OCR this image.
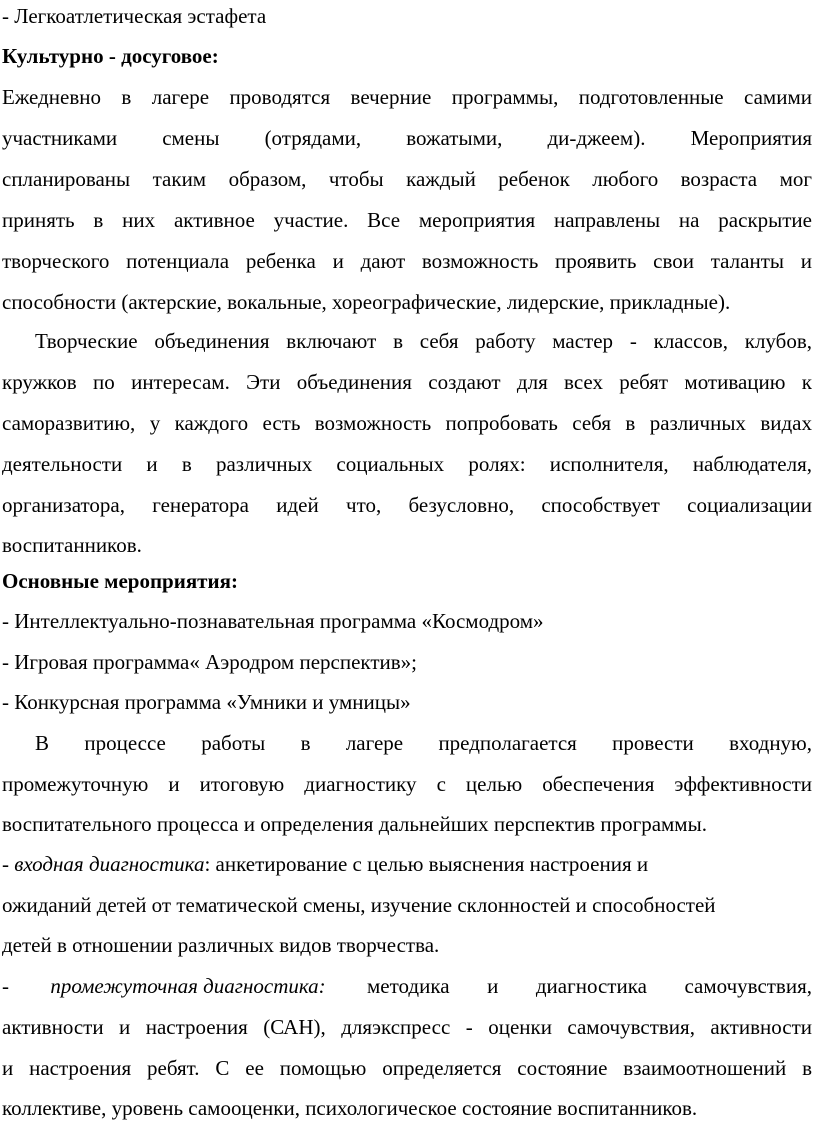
- Легкоатлетическая эстафета
Культурно - досуговое:
Ежедневно в лагере проводятся вечерние программы, подготовленные самими
участниками смены (отрядами, вожатыми, ди-джеем). Мероприятия
спланированы таким образом, чтобы каждый ребенок любого возраста мог
принять в них активное участие. Все мероприятия направлены на раскрытие
творческого потенциала ребенка и дают возможность проявить свои таланты и
способности (актерские, вокальные, хореографические, лидерские, прикладные).
Творческие объединения включают в себя работу мастер - классов, клубов,
кружков по интересам. Эти объединения создают для всех ребят мотивацию к
саморазвитию, у каждого есть возможность попробовать себя в различных видах
деятельности и в различных социальных ролях: исполнителя, наблюдателя,
организатора, генератора идей что, безусловно, способствует социализации
воспитанников.
Основные мероприятия:
- Интеллектуально-познавательная программа «Космодром»
- Игровая программа« Аэродром перспектив»;
- Конкурсная программа «Умники и умницы»
В процессе работы в лагере предполагается провести входную,
промежуточную и итоговую диагностику с целью обеспечения эффективности
воспитательного процесса и определения дальнейших перспектив программы.
- входная диагностика: анкетирование с целью выяснения настроения и
ожиданий детей от тематической смены, изучение склонностей и способностей
детей в отношении различных видов творчества.
- промежуточная диагностика: методика и диагностика самочувствия,
активности и настроения (САН), дляэкспресс - оценки самочувствия, активности
и настроения ребят. С ее помощью определяется состояние взаимоотношений в
коллективе, уровень самооценки, психологическое состояние воспитанников.
